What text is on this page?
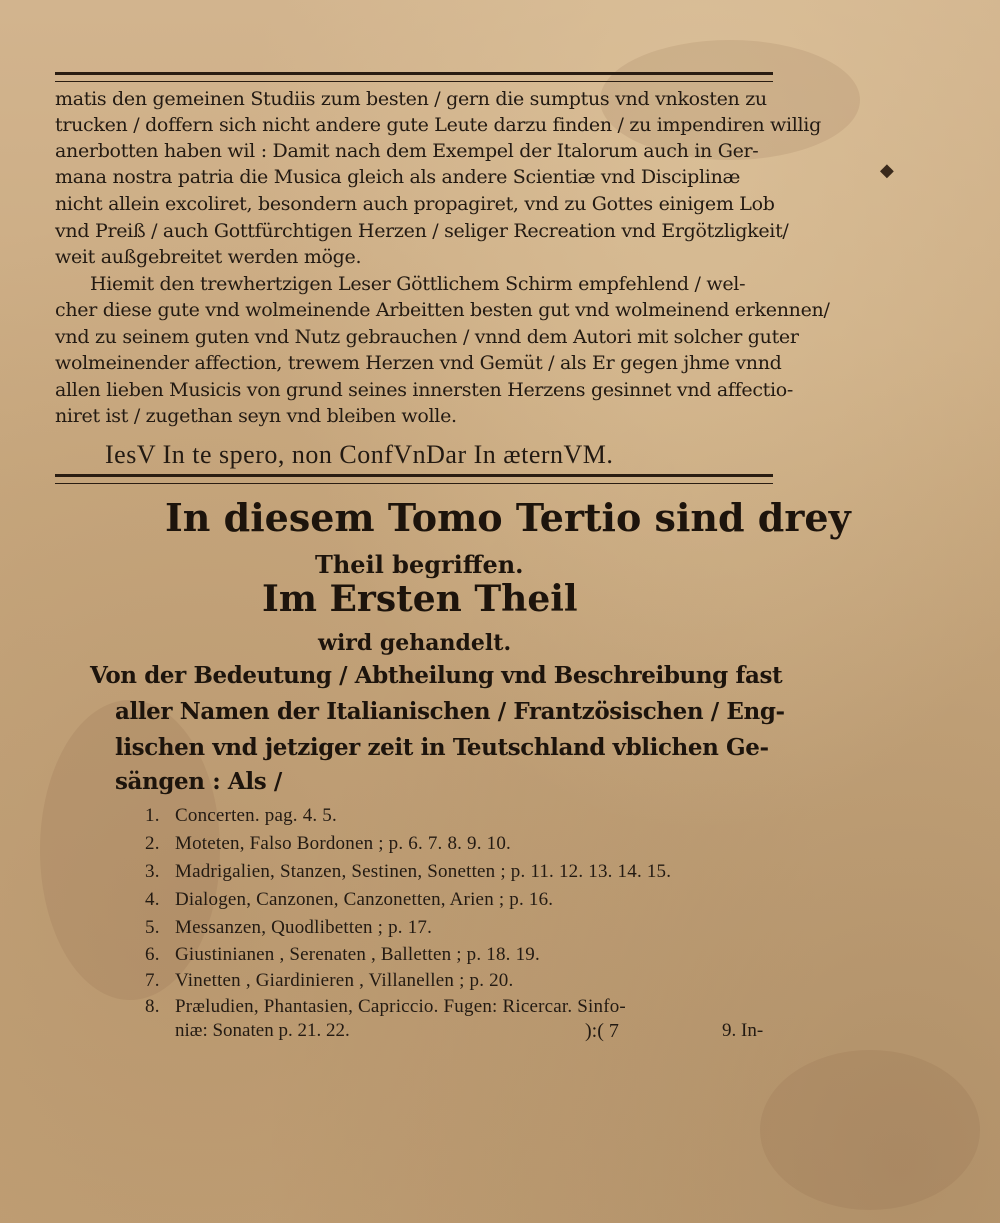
matis den gemeinen Studiis zum besten / gern die sumptus vnd vnkosten zu
trucken / doffern sich nicht andere gute Leute darzu finden / zu impendiren willig
anerbotten haben wil : Damit nach dem Exempel der Italorum auch in Ger-
mana nostra patria die Musica gleich als andere Scientiæ vnd Disciplinæ
nicht allein excoliret, besondern auch propagiret, vnd zu Gottes einigem Lob
vnd Preiß / auch Gottfürchtigen Herzen / seliger Recreation vnd Ergötzligkeit/
weit außgebreitet werden möge.
Hiemit den trewhertzigen Leser Göttlichem Schirm empfehlend / wel-
cher diese gute vnd wolmeinende Arbeitten besten gut vnd wolmeinend erkennen/
vnd zu seinem guten vnd Nutz gebrauchen / vnnd dem Autori mit solcher guter
wolmeinender affection, trewem Herzen vnd Gemüt / als Er gegen jhme vnnd
allen lieben Musicis von grund seines innersten Herzens gesinnet vnd affectio-
niret ist / zugethan seyn vnd bleiben wolle.
IesV In te spero, non ConfVnDar In æternVM.
In diesem Tomo Tertio sind drey
Theil begriffen.
Im Ersten Theil
wird gehandelt.
Von der Bedeutung / Abtheilung vnd Beschreibung fast
aller Namen der Italianischen / Frantzösischen / Eng-
lischen vnd jetziger zeit in Teutschland vblichen Ge-
sängen : Als /
1. Concerten. pag. 4. 5.
2. Moteten, Falso Bordonen ; p. 6. 7. 8. 9. 10.
3. Madrigalien, Stanzen, Sestinen, Sonetten ; p. 11. 12. 13. 14. 15.
4. Dialogen, Canzonen, Canzonetten, Arien ; p. 16.
5. Messanzen, Quodlibetten ; p. 17.
6. Giustinianen , Serenaten , Balletten ; p. 18. 19.
7. Vinetten , Giardinieren , Villanellen ; p. 20.
8. Præludien, Phantasien, Capriccio. Fugen: Ricercar. Sinfo-
niæ: Sonaten p. 21. 22.	):( 7	9. In-
◆
